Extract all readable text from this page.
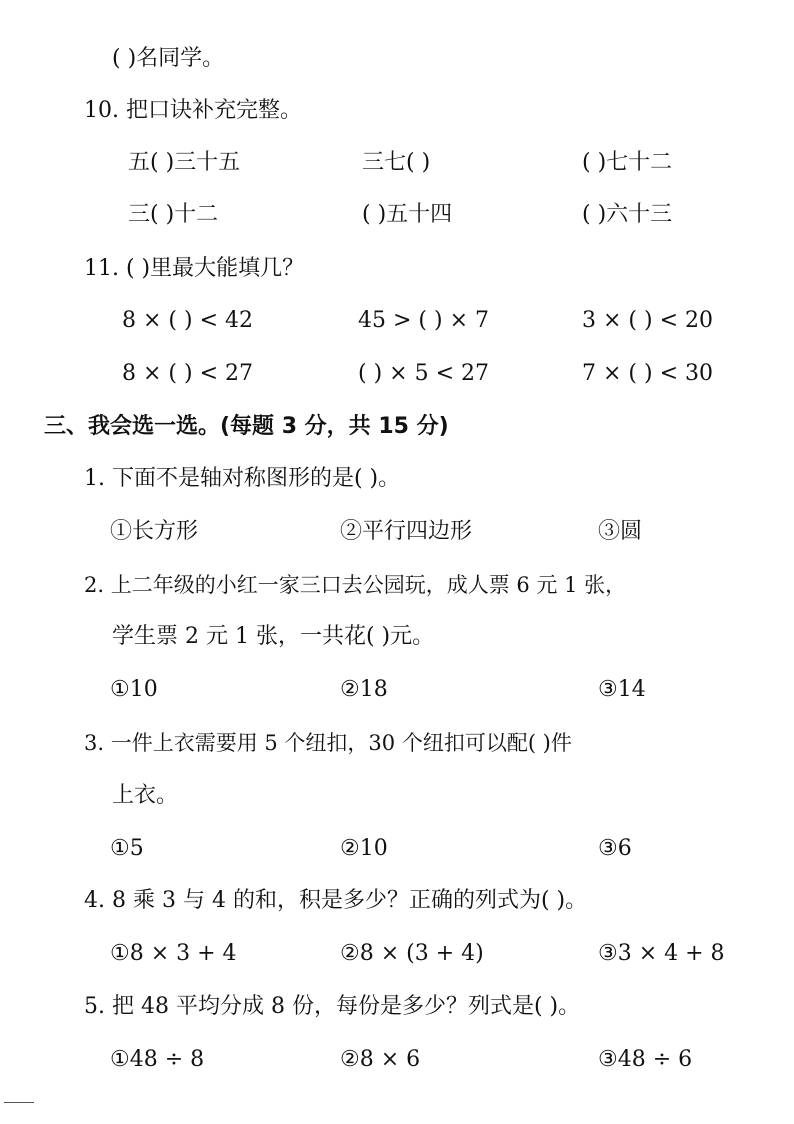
( )名同学。
10. 把口诀补充完整。
五( )三十五	三七( )	( )七十二
三( )十二	( )五十四	( )六十三
11. ( )里最大能填几？
8 × ( ) < 42	45 > ( ) × 7	3 × ( ) < 20
8 × ( ) < 27	( ) × 5 < 27	7 × ( ) < 30
三、我会选一选。(每题 3 分，共 15 分)
1. 下面不是轴对称图形的是( )。
①长方形	②平行四边形	③圆
2. 上二年级的小红一家三口去公园玩，成人票 6 元 1 张，
学生票 2 元 1 张，一共花( )元。
①10	②18	③14
3. 一件上衣需要用 5 个纽扣，30 个纽扣可以配( )件
上衣。
①5	②10	③6
4. 8 乘 3 与 4 的和，积是多少？正确的列式为( )。
①8 × 3 + 4	②8 × (3 + 4)	③3 × 4 + 8
5. 把 48 平均分成 8 份，每份是多少？列式是( )。
①48 ÷ 8	②8 × 6	③48 ÷ 6
